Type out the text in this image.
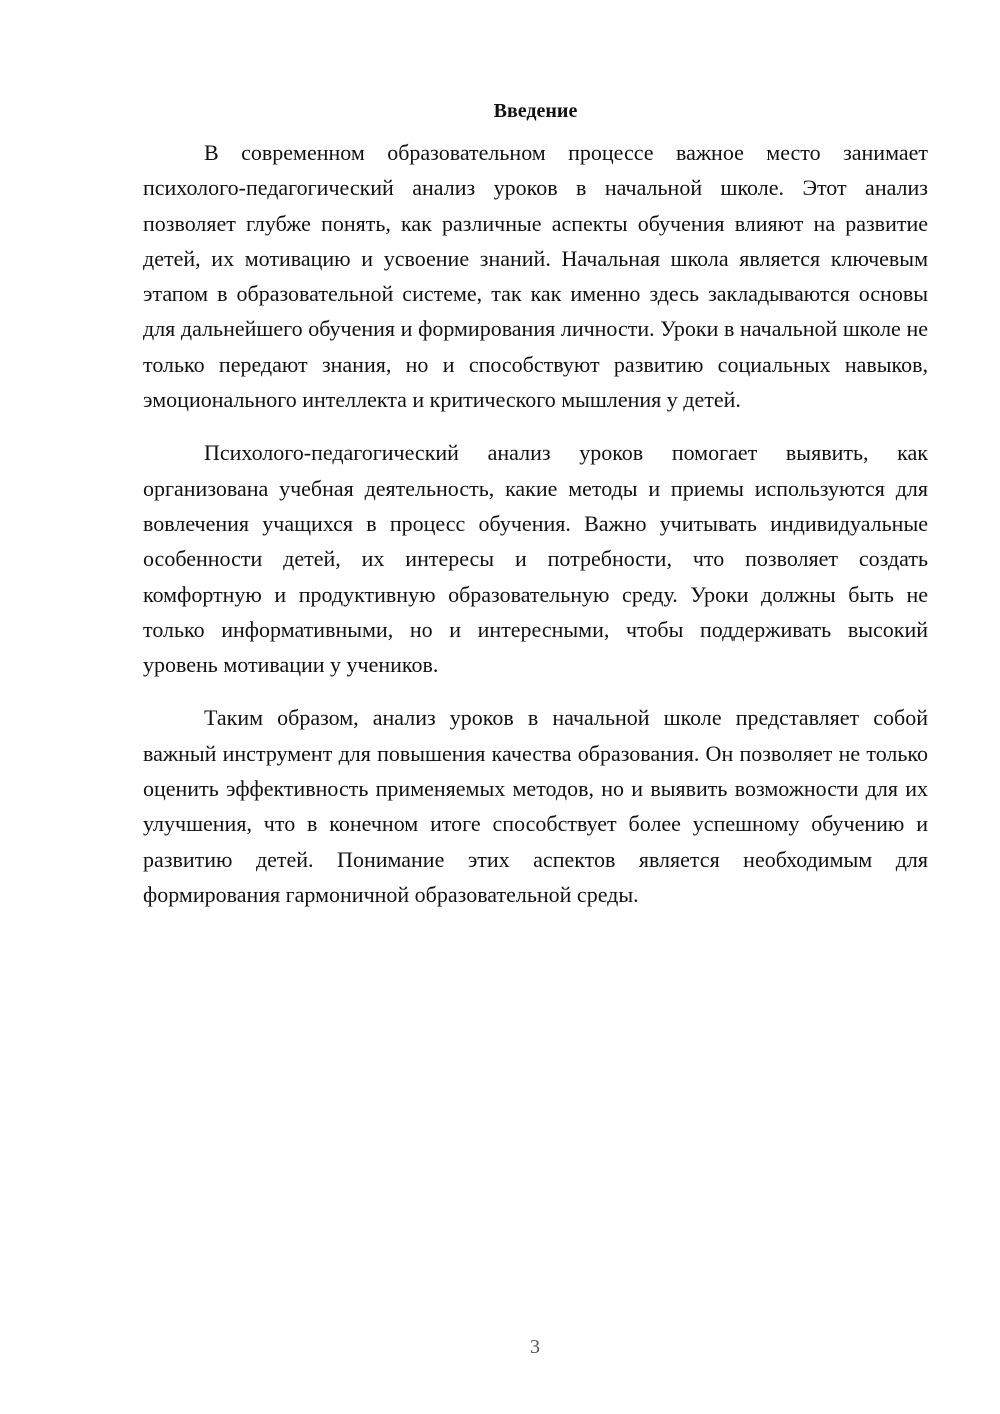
Введение

В современном образовательном процессе важное место занимает психолого-педагогический анализ уроков в начальной школе. Этот анализ позволяет глубже понять, как различные аспекты обучения влияют на развитие детей, их мотивацию и усвоение знаний. Начальная школа является ключевым этапом в образовательной системе, так как именно здесь закладываются основы для дальнейшего обучения и формирования личности. Уроки в начальной школе не только передают знания, но и способствуют развитию социальных навыков, эмоционального интеллекта и критического мышления у детей.

Психолого-педагогический анализ уроков помогает выявить, как организована учебная деятельность, какие методы и приемы используются для вовлечения учащихся в процесс обучения. Важно учитывать индивидуальные особенности детей, их интересы и потребности, что позволяет создать комфортную и продуктивную образовательную среду. Уроки должны быть не только информативными, но и интересными, чтобы поддерживать высокий уровень мотивации у учеников.

Таким образом, анализ уроков в начальной школе представляет собой важный инструмент для повышения качества образования. Он позволяет не только оценить эффективность применяемых методов, но и выявить возможности для их улучшения, что в конечном итоге способствует более успешному обучению и развитию детей. Понимание этих аспектов является необходимым для формирования гармоничной образовательной среды.

3
